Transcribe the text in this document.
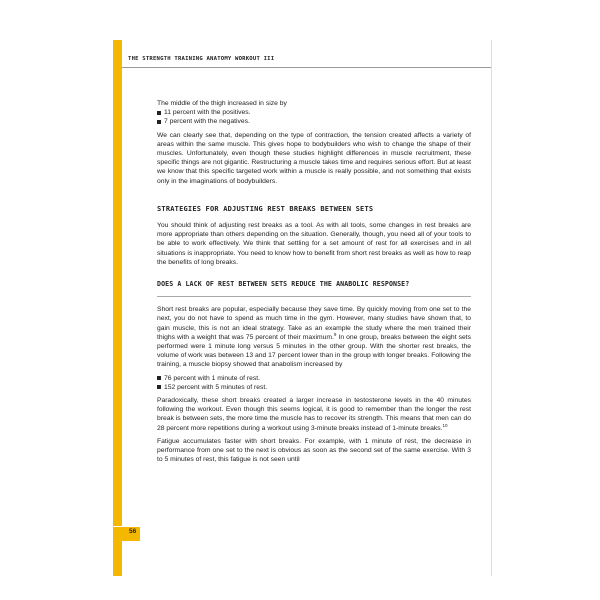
THE STRENGTH TRAINING ANATOMY WORKOUT III

The middle of the thigh increased in size by

11 percent with the positives.
7 percent with the negatives.

We can clearly see that, depending on the type of contraction, the tension created affects a variety of areas within the same muscle. This gives hope to bodybuilders who wish to change the shape of their muscles. Unfortunately, even though these studies highlight differences in muscle recruitment, these specific things are not gigantic. Restructuring a muscle takes time and requires serious effort. But at least we know that this specific targeted work within a muscle is really possible, and not something that exists only in the imaginations of bodybuilders.

STRATEGIES FOR ADJUSTING REST BREAKS BETWEEN SETS

You should think of adjusting rest breaks as a tool. As with all tools, some changes in rest breaks are more appropriate than others depending on the situation. Generally, though, you need all of your tools to be able to work effectively. We think that settling for a set amount of rest for all exercises and in all situations is inappropriate. You need to know how to benefit from short rest breaks as well as how to reap the benefits of long breaks.

DOES A LACK OF REST BETWEEN SETS REDUCE THE ANABOLIC RESPONSE?

Short rest breaks are popular, especially because they save time. By quickly moving from one set to the next, you do not have to spend as much time in the gym. However, many studies have shown that, to gain muscle, this is not an ideal strategy. Take as an example the study where the men trained their thighs with a weight that was 75 percent of their maximum.$^9$ In one group, breaks between the eight sets performed were 1 minute long versus 5 minutes in the other group. With the shorter rest breaks, the volume of work was between 13 and 17 percent lower than in the group with longer breaks. Following the training, a muscle biopsy showed that anabolism increased by

76 percent with 1 minute of rest.
152 percent with 5 minutes of rest.

Paradoxically, these short breaks created a larger increase in testosterone levels in the 40 minutes following the workout. Even though this seems logical, it is good to remember than the longer the rest break is between sets, the more time the muscle has to recover its strength. This means that men can do 28 percent more repetitions during a workout using 3-minute breaks instead of 1-minute breaks.$^{10}$

Fatigue accumulates faster with short breaks. For example, with 1 minute of rest, the decrease in performance from one set to the next is obvious as soon as the second set of the same exercise. With 3 to 5 minutes of rest, this fatigue is not seen until

56
